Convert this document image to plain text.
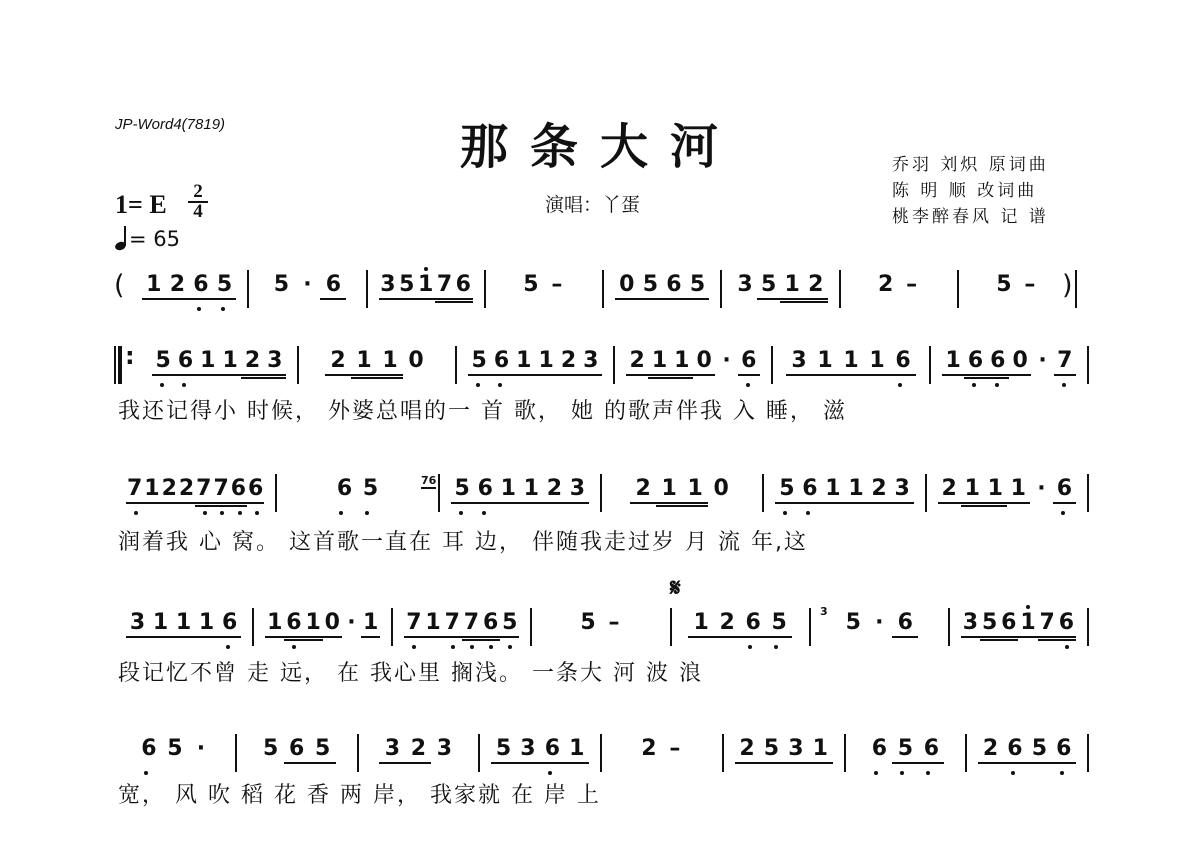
JP-Word4(7819)	那条大河
演唱：丫蛋
乔羽 刘炽 原词曲
陈 明 顺 改词曲
桃李醉春风 记 谱
1= E 2
4
= 65
𝄋
(	)
1 2 6 5 5 · 6 3 5 1 7 6 5 –	0 5 6 5 3 5 1 2 2 –	5 –
: 5 6 1 1 2 3 2 1 1 0 5 6 1 1 2 3 2 1 1 0 · 6 3 1 1 1 6 1 6 6 0 · 7
我还记得小 时候， 外婆总唱的一 首 歌， 她 的歌声伴我 入 睡， 滋
7 1 2 2 7 7 6 6	6 5	5 6 1 1 2 3 2 1 1 0 5 6 1 1 2 3 2 1 1 1 · 6
润着我 心 窝。 这首歌一直在 耳 边， 伴随我走过岁 月 流 年,这
3 1 1 1 6 1 6 1 0 · 1 7 1 7 7 6 5	5 –	1 2 6 5	5 · 6 3 5 6 1 7 6
段记忆不曾 走 远， 在 我心里 搁浅。 一条大 河 波 浪
6 5 ·	5 6 5 3 2 3 5 3 6 1	2 –	2 5 3 1 6 5 6 2 6 5 6
宽， 风 吹 稻 花 香 两 岸， 我家就 在 岸 上
76
3
